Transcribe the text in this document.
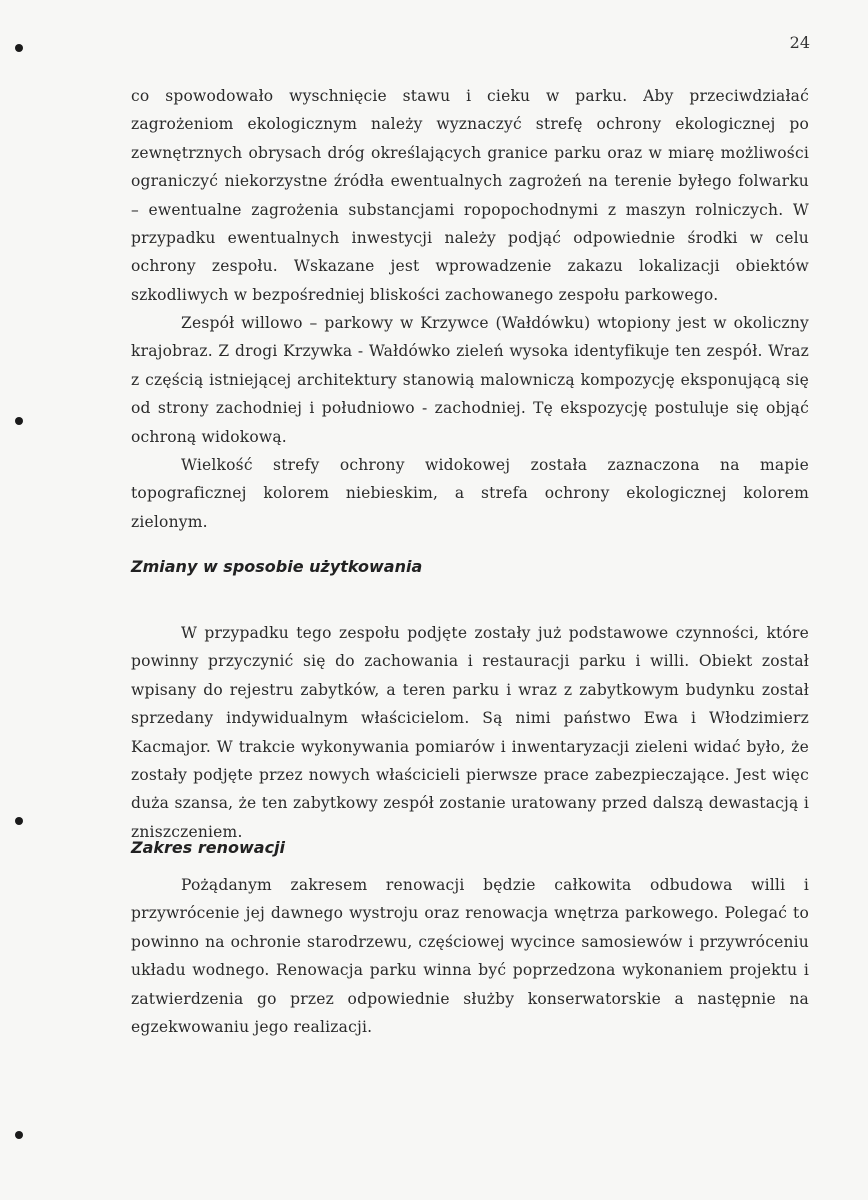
24

co spowodowało wyschnięcie stawu i cieku w parku. Aby przeciwdziałać zagrożeniom ekologicznym należy wyznaczyć strefę ochrony ekologicznej po zewnętrznych obrysach dróg określających granice parku oraz w miarę możliwości ograniczyć niekorzystne źródła ewentualnych zagrożeń na terenie byłego folwarku – ewentualne zagrożenia substancjami ropopochodnymi z maszyn rolniczych. W przypadku ewentualnych inwestycji należy podjąć odpowiednie środki w celu ochrony zespołu. Wskazane jest wprowadzenie zakazu lokalizacji obiektów szkodliwych w bezpośredniej bliskości zachowanego zespołu parkowego.

Zespół willowo – parkowy w Krzywce (Wałdówku) wtopiony jest w okoliczny krajobraz. Z drogi Krzywka - Wałdówko zieleń wysoka identyfikuje ten zespół. Wraz z częścią istniejącej architektury stanowią malowniczą kompozycję eksponującą się od strony zachodniej i południowo - zachodniej. Tę ekspozycję postuluje się objąć ochroną widokową.

Wielkość strefy ochrony widokowej została zaznaczona na mapie topograficznej kolorem niebieskim, a strefa ochrony ekologicznej kolorem zielonym.

Zmiany w sposobie użytkowania

W przypadku tego zespołu podjęte zostały już podstawowe czynności, które powinny przyczynić się do zachowania i restauracji parku i willi. Obiekt został wpisany do rejestru zabytków, a teren parku i wraz z zabytkowym budynku został sprzedany indywidualnym właścicielom. Są nimi państwo Ewa i Włodzimierz Kacmajor. W trakcie wykonywania pomiarów i inwentaryzacji zieleni widać było, że zostały podjęte przez nowych właścicieli pierwsze prace zabezpieczające. Jest więc duża szansa, że ten zabytkowy zespół zostanie uratowany przed dalszą dewastacją i zniszczeniem.

Zakres renowacji

Pożądanym zakresem renowacji będzie całkowita odbudowa willi i przywrócenie jej dawnego wystroju oraz renowacja wnętrza parkowego. Polegać to powinno na ochronie starodrzewu, częściowej wycince samosiewów i przywróceniu układu wodnego. Renowacja parku winna być poprzedzona wykonaniem projektu i zatwierdzenia go przez odpowiednie służby konserwatorskie a następnie na egzekwowaniu jego realizacji.
